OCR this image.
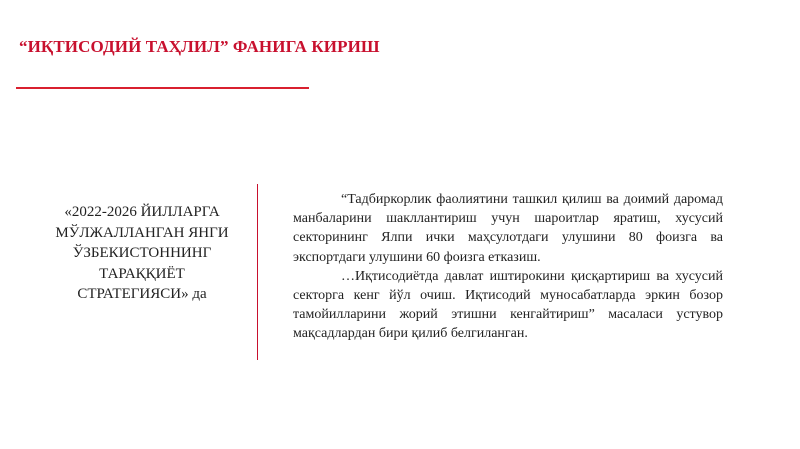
“ИҚТИСОДИЙ ТАҲЛИЛ” ФАНИГА КИРИШ
«2022-2026 ЙИЛЛАРГА МЎЛЖАЛЛАНГАН ЯНГИ ЎЗБЕКИСТОННИНГ ТАРАҚҚИЁТ СТРАТЕГИЯСИ» да

“Тадбиркорлик фаолиятини ташкил қилиш ва доимий даромад манбаларини шакллантириш учун шароитлар яратиш, хусусий секторининг Ялпи ички маҳсулотдаги улушини 80 фоизга ва экспортдаги улушини 60 фоизга етказиш.

…Иқтисодиётда давлат иштирокини қисқартириш ва хусусий секторга кенг йўл очиш. Иқтисодий муносабатларда эркин бозор тамойилларини жорий этишни кенгайтириш” масаласи устувор мақсадлардан бири қилиб белгиланган.
